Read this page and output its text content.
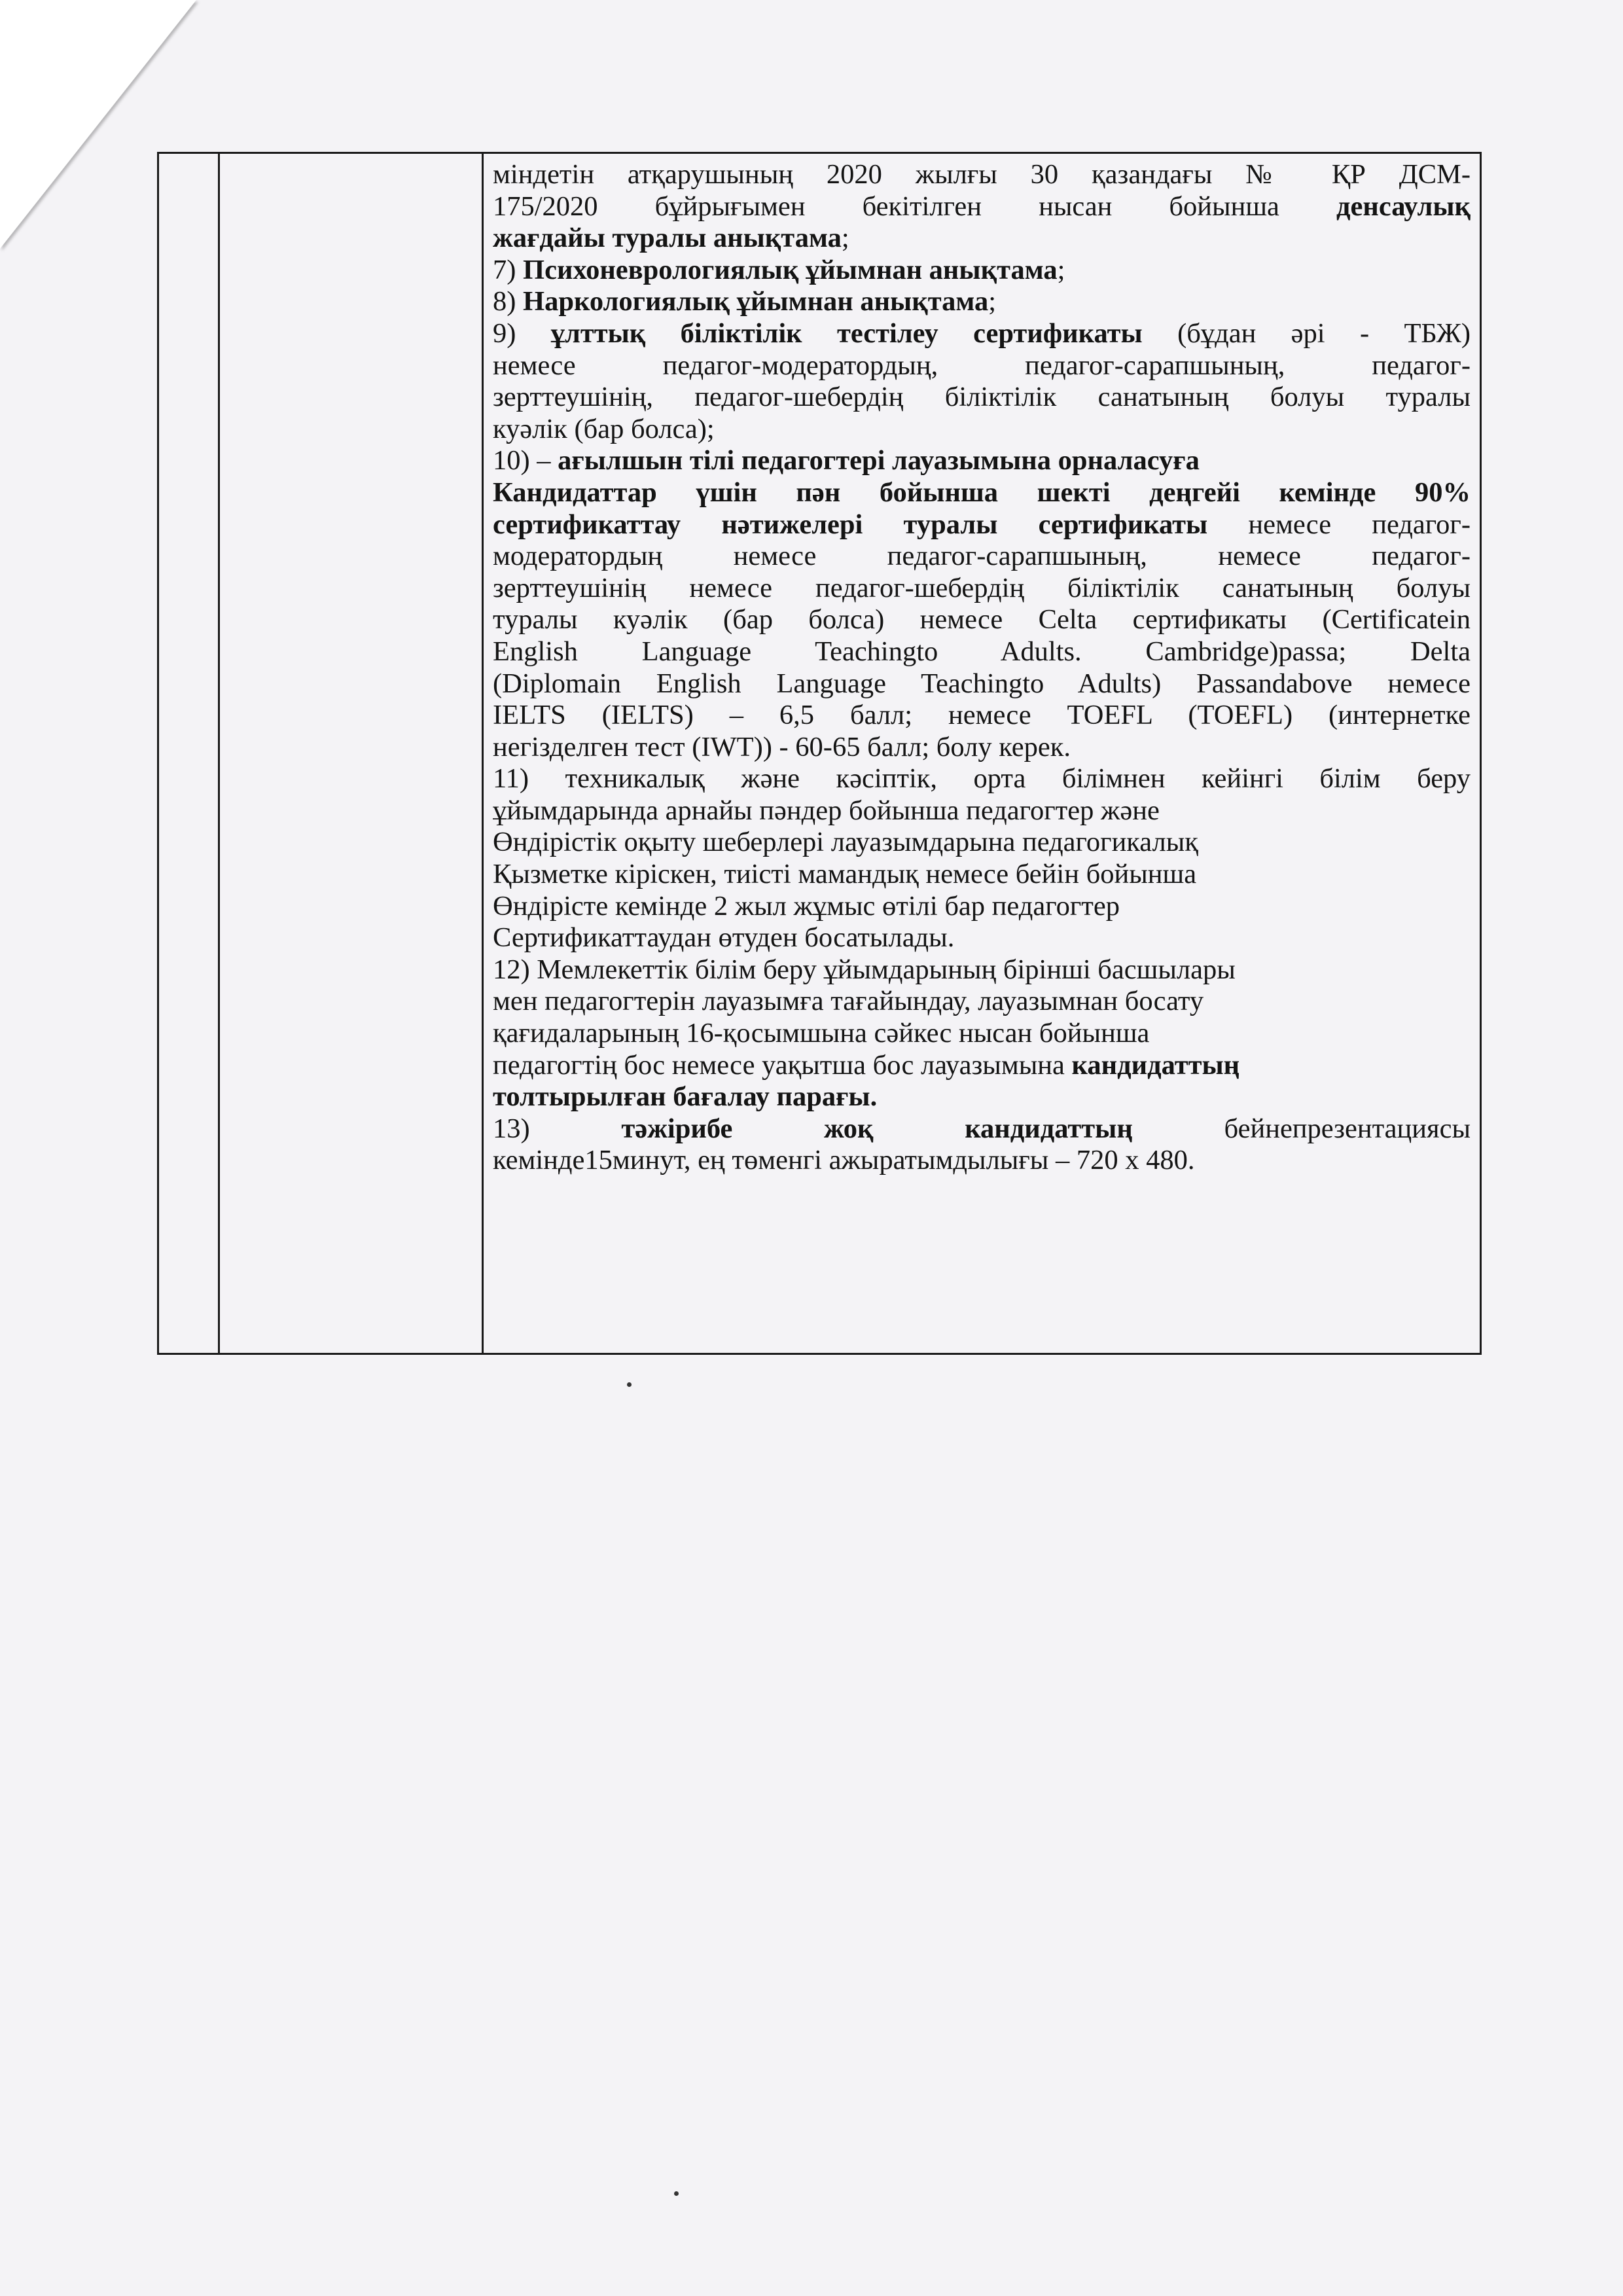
міндетін атқарушының 2020 жылғы 30 қазандағы № ҚР ДСМ-

175/2020 бұйрығымен бекітілген нысан бойынша денсаулық

жағдайы туралы анықтама;

7) Психоневрологиялық ұйымнан анықтама;

8) Наркологиялық ұйымнан анықтама;

9) ұлттық біліктілік тестілеу сертификаты (бұдан әрі - ТБЖ)

немесе педагог-модератордың, педагог-сарапшының, педагог-

зерттеушінің, педагог-шебердің біліктілік санатының болуы туралы

куәлік (бар болса);

10) – ағылшын тілі педагогтері лауазымына орналасуға

Кандидаттар үшін пән бойынша шекті деңгейі кемінде 90%

сертификаттау нәтижелері туралы сертификаты немесе педагог-

модератордың немесе педагог-сарапшының, немесе педагог-

зерттеушінің немесе педагог-шебердің біліктілік санатының болуы

туралы куәлік (бар болса) немесе Celta сертификаты (Certificatein

English Language Teachingto Adults. Cambridge)passa; Delta

(Diplomain English Language Teachingto Adults) Passandabove немесе

IELTS (IELTS) – 6,5 балл; немесе TOEFL (TOEFL) (интернетке

негізделген тест (IWT)) - 60-65 балл; болу керек.

11) техникалық және кәсіптік, орта білімнен кейінгі білім беру

ұйымдарында арнайы пәндер бойынша педагогтер және

Өндірістік оқыту шеберлері лауазымдарына педагогикалық

Қызметке кіріскен, тиісті мамандық немесе бейін бойынша

Өндірісте кемінде 2 жыл жұмыс өтілі бар педагогтер

Сертификаттаудан өтуден босатылады.

12) Мемлекеттік білім беру ұйымдарының бірінші басшылары

мен педагогтерін лауазымға тағайындау, лауазымнан босату

қағидаларының 16-қосымшына сәйкес нысан бойынша

педагогтің бос немесе уақытша бос лауазымына кандидаттың

толтырылған бағалау парағы.

13) тәжірибе жоқ кандидаттың бейнепрезентациясы

кемінде15минут, ең төменгі ажыратымдылығы – 720 х 480.
